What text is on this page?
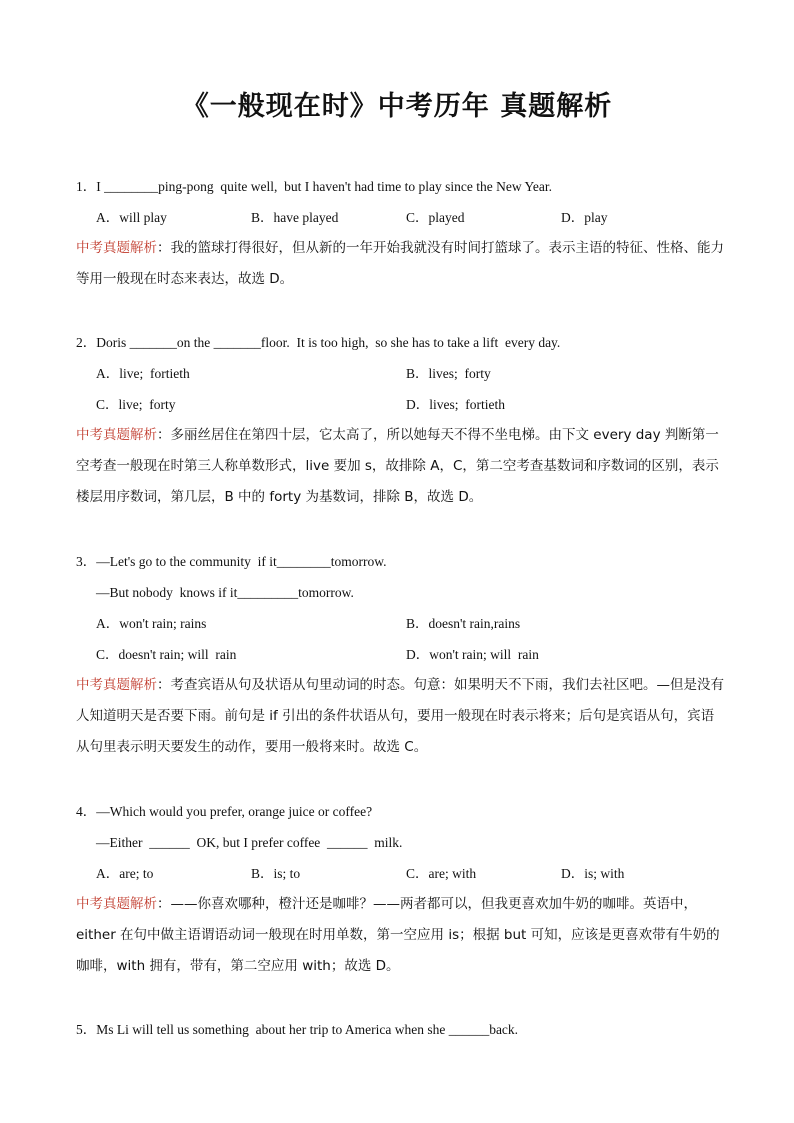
《一般现在时》中考历年 真题解析
1．I ________ping-pong  quite well,  but I haven't had time to play since the New Year.
A．will play	B．have played	C．played	D．play
中考真题解析：我的篮球打得很好，但从新的一年开始我就没有时间打篮球了。表示主语的特征、性格、能力等用一般现在时态来表达，故选 D。
2．Doris _______on the _______floor.  It is too high,  so she has to take a lift  every day.
A．live;  fortieth	B．lives;  forty
C．live;  forty	D．lives;  fortieth
中考真题解析：多丽丝居住在第四十层，它太高了，所以她每天不得不坐电梯。由下文 every day 判断第一空考查一般现在时第三人称单数形式，live 要加 s，故排除 A，C，第二空考查基数词和序数词的区别，表示楼层用序数词，第几层，B 中的 forty 为基数词，排除 B，故选 D。
3．—Let's go to the community  if it________tomorrow.
—But nobody  knows if it_________tomorrow.
A．won't rain; rains	B．doesn't rain,rains
C．doesn't rain; will  rain	D．won't rain; will  rain
中考真题解析：考查宾语从句及状语从句里动词的时态。句意：如果明天不下雨，我们去社区吧。—但是没有人知道明天是否要下雨。前句是 if 引出的条件状语从句，要用一般现在时表示将来；后句是宾语从句，宾语从句里表示明天要发生的动作，要用一般将来时。故选 C。
4．—Which would you prefer, orange juice or coffee?
—Either  ______  OK, but I prefer coffee  ______  milk.
A．are; to	B．is; to	C．are; with	D．is; with
中考真题解析：——你喜欢哪种，橙汁还是咖啡？——两者都可以，但我更喜欢加牛奶的咖啡。英语中，either 在句中做主语谓语动词一般现在时用单数，第一空应用 is；根据 but 可知，应该是更喜欢带有牛奶的咖啡，with 拥有，带有，第二空应用 with；故选 D。
5．Ms Li will tell us something  about her trip to America when she ______back.
